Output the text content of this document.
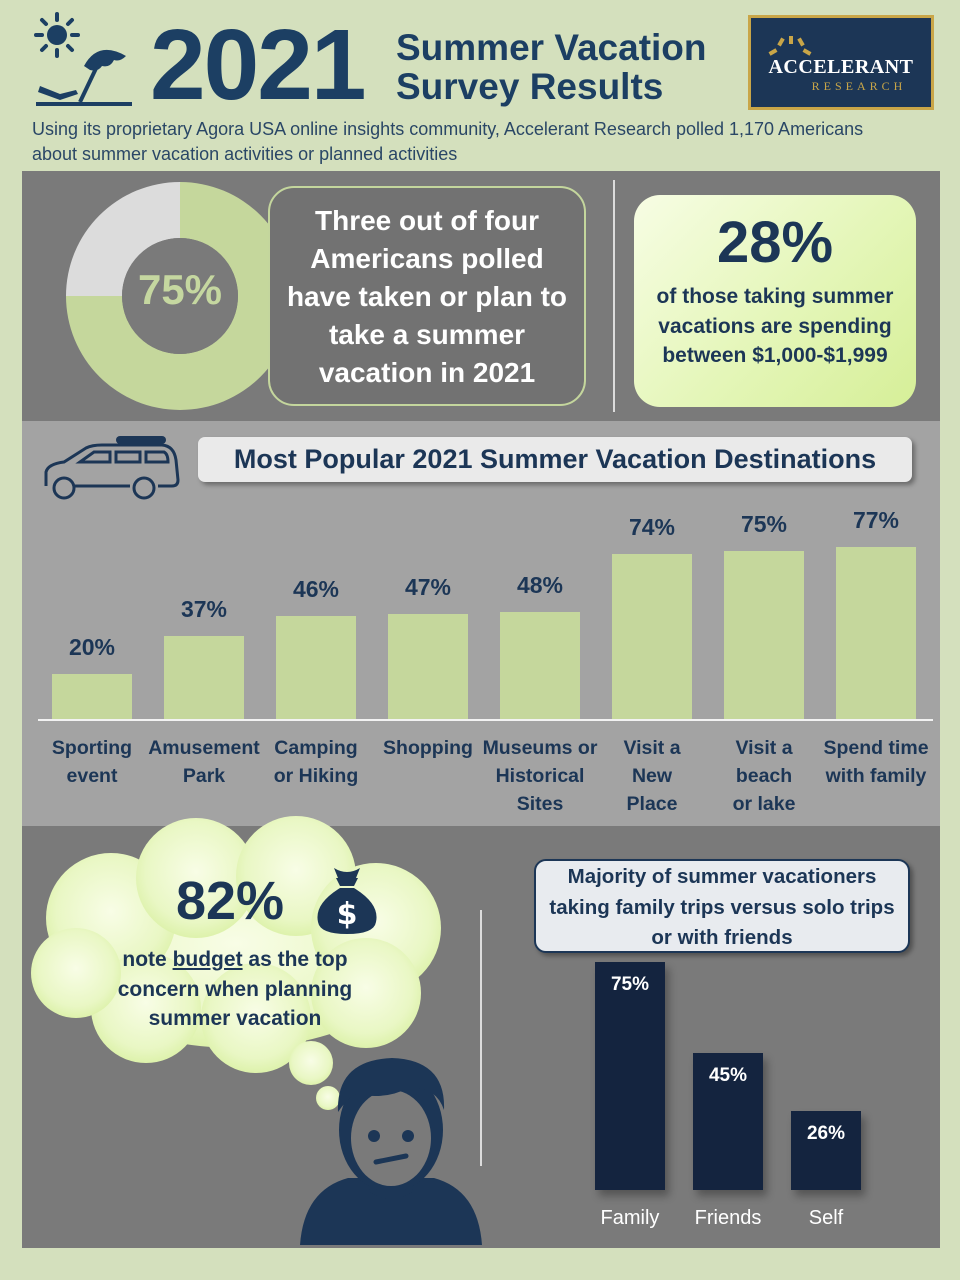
2021 Summer Vacation
Survey Results	ACCELERANT
RESEARCH
Using its proprietary Agora USA online insights community, Accelerant Research polled 1,170 Americans about summer vacation activities or planned activities
75%
Three out of four Americans polled have taken or plan to take a summer vacation in 2021
28%
of those taking summer vacations are spending between $1,000-$1,999
Most Popular 2021 Summer Vacation Destinations
20%
Sporting
event
37%
Amusement
Park
46%
Camping
or Hiking
47%
Shopping
48%
Museums or
Historical
Sites
74%
Visit a
New
Place
75%
Visit a
beach
or lake
77%
Spend time
with family
82%	$
note budget as the top concern when planning summer vacation
Majority of summer vacationers taking family trips versus solo trips or with friends
75%
Family
45%
Friends
26%
Self
